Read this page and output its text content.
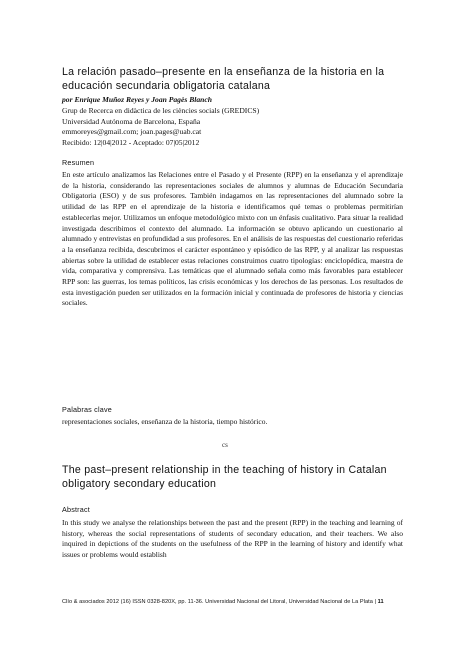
La relación pasado–presente en la enseñanza de la historia en la educación secundaria obligatoria catalana
por Enrique Muñoz Reyes y Joan Pagès Blanch
Grup de Recerca en didàctica de les ciències socials (GREDICS)
Universidad Autónoma de Barcelona, España
emmoreyes@gmail.com; joan.pages@uab.cat
Recibido: 12|04|2012 - Aceptado: 07|05|2012
Resumen
En este artículo analizamos las Relaciones entre el Pasado y el Presente (RPP) en la enseñanza y el aprendizaje de la historia, considerando las representaciones sociales de alumnos y alumnas de Educación Secundaria Obligatoria (ESO) y de sus profesores. También indagamos en las representaciones del alumnado sobre la utilidad de las RPP en el aprendizaje de la historia e identificamos qué temas o problemas permitirían establecerlas mejor. Utilizamos un enfoque metodológico mixto con un énfasis cualitativo. Para situar la realidad investigada describimos el contexto del alumnado. La información se obtuvo aplicando un cuestionario al alumnado y entrevistas en profundidad a sus profesores. En el análisis de las respuestas del cuestionario referidas a la enseñanza recibida, descubrimos el carácter espontáneo y episódico de las RPP, y al analizar las respuestas abiertas sobre la utilidad de establecer estas relaciones construimos cuatro tipologías: enciclopédica, maestra de vida, comparativa y comprensiva. Las temáticas que el alumnado señala como más favorables para establecer RPP son: las guerras, los temas políticos, las crisis económicas y los derechos de las personas. Los resultados de esta investigación pueden ser utilizados en la formación inicial y continuada de profesores de historia y ciencias sociales.
Palabras clave
representaciones sociales, enseñanza de la historia, tiempo histórico.
cs
The past–present relationship in the teaching of history in Catalan obligatory secondary education
Abstract
In this study we analyse the relationships between the past and the present (RPP) in the teaching and learning of history, whereas the social representations of students of secondary education, and their teachers. We also inquired in depictions of the students on the usefulness of the RPP in the learning of history and identify what issues or problems would establish
Clío & asociados 2012 (16) ISSN 0328-820X, pp. 11-36. Universidad Nacional del Litoral, Universidad Nacional de La Plata | 11
